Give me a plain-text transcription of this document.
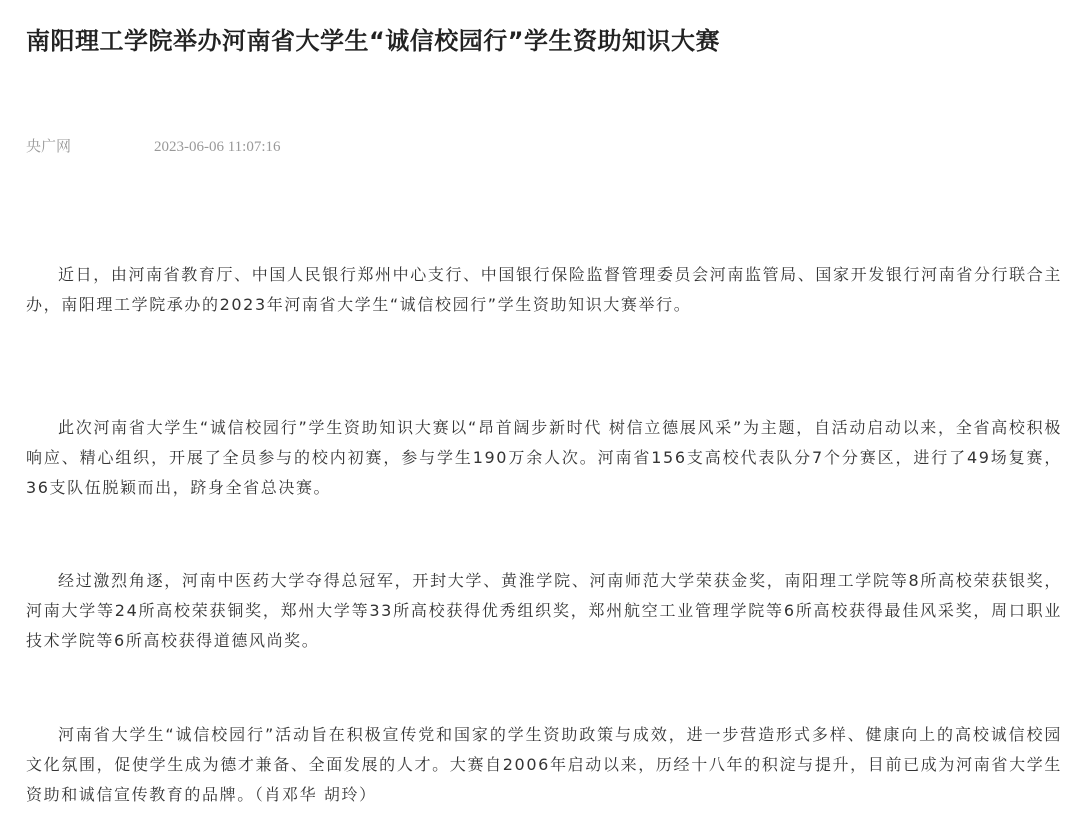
南阳理工学院举办河南省大学生“诚信校园行”学生资助知识大赛
央广网	2023-06-06 11:07:16

近日，由河南省教育厅、中国人民银行郑州中心支行、中国银行保险监督管理委员会河南监管局、国家开发银行河南省分行联合主办，南阳理工学院承办的2023年河南省大学生“诚信校园行”学生资助知识大赛举行。

此次河南省大学生“诚信校园行”学生资助知识大赛以“昂首阔步新时代 树信立德展风采”为主题，自活动启动以来，全省高校积极响应、精心组织，开展了全员参与的校内初赛，参与学生190万余人次。河南省156支高校代表队分7个分赛区，进行了49场复赛，36支队伍脱颖而出，跻身全省总决赛。

经过激烈角逐，河南中医药大学夺得总冠军，开封大学、黄淮学院、河南师范大学荣获金奖，南阳理工学院等8所高校荣获银奖，河南大学等24所高校荣获铜奖，郑州大学等33所高校获得优秀组织奖，郑州航空工业管理学院等6所高校获得最佳风采奖，周口职业技术学院等6所高校获得道德风尚奖。

河南省大学生“诚信校园行”活动旨在积极宣传党和国家的学生资助政策与成效，进一步营造形式多样、健康向上的高校诚信校园文化氛围，促使学生成为德才兼备、全面发展的人才。大赛自2006年启动以来，历经十八年的积淀与提升，目前已成为河南省大学生资助和诚信宣传教育的品牌。（肖邓华 胡玲）
